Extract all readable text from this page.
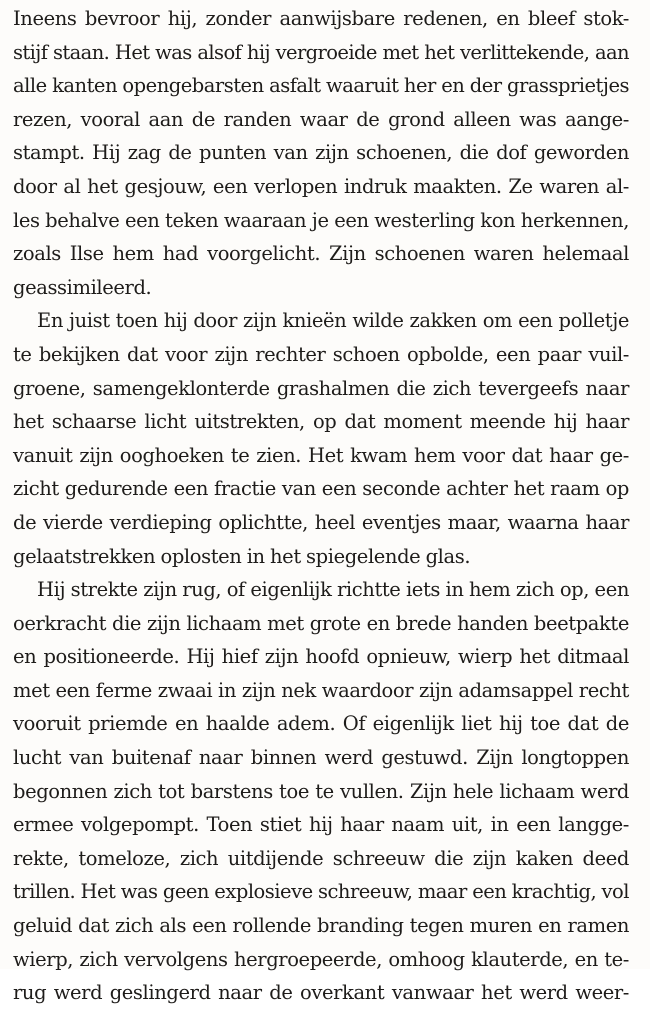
Ineens bevroor hij, zonder aanwijsbare redenen, en bleef stok-
stijf staan. Het was alsof hij vergroeide met het verlittekende, aan
alle kanten opengebarsten asfalt waaruit her en der grassprietjes
rezen, vooral aan de randen waar de grond alleen was aange-
stampt. Hij zag de punten van zijn schoenen, die dof geworden
door al het gesjouw, een verlopen indruk maakten. Ze waren al-
les behalve een teken waaraan je een westerling kon herkennen,
zoals Ilse hem had voorgelicht. Zijn schoenen waren helemaal
geassimileerd.
En juist toen hij door zijn knieën wilde zakken om een polletje
te bekijken dat voor zijn rechter schoen opbolde, een paar vuil-
groene, samengeklonterde grashalmen die zich tevergeefs naar
het schaarse licht uitstrekten, op dat moment meende hij haar
vanuit zijn ooghoeken te zien. Het kwam hem voor dat haar ge-
zicht gedurende een fractie van een seconde achter het raam op
de vierde verdieping oplichtte, heel eventjes maar, waarna haar
gelaatstrekken oplosten in het spiegelende glas.
Hij strekte zijn rug, of eigenlijk richtte iets in hem zich op, een
oerkracht die zijn lichaam met grote en brede handen beetpakte
en positioneerde. Hij hief zijn hoofd opnieuw, wierp het ditmaal
met een ferme zwaai in zijn nek waardoor zijn adamsappel recht
vooruit priemde en haalde adem. Of eigenlijk liet hij toe dat de
lucht van buitenaf naar binnen werd gestuwd. Zijn longtoppen
begonnen zich tot barstens toe te vullen. Zijn hele lichaam werd
ermee volgepompt. Toen stiet hij haar naam uit, in een langge-
rekte, tomeloze, zich uitdijende schreeuw die zijn kaken deed
trillen. Het was geen explosieve schreeuw, maar een krachtig, vol
geluid dat zich als een rollende branding tegen muren en ramen
wierp, zich vervolgens hergroepeerde, omhoog klauterde, en te-
rug werd geslingerd naar de overkant vanwaar het werd weer-
